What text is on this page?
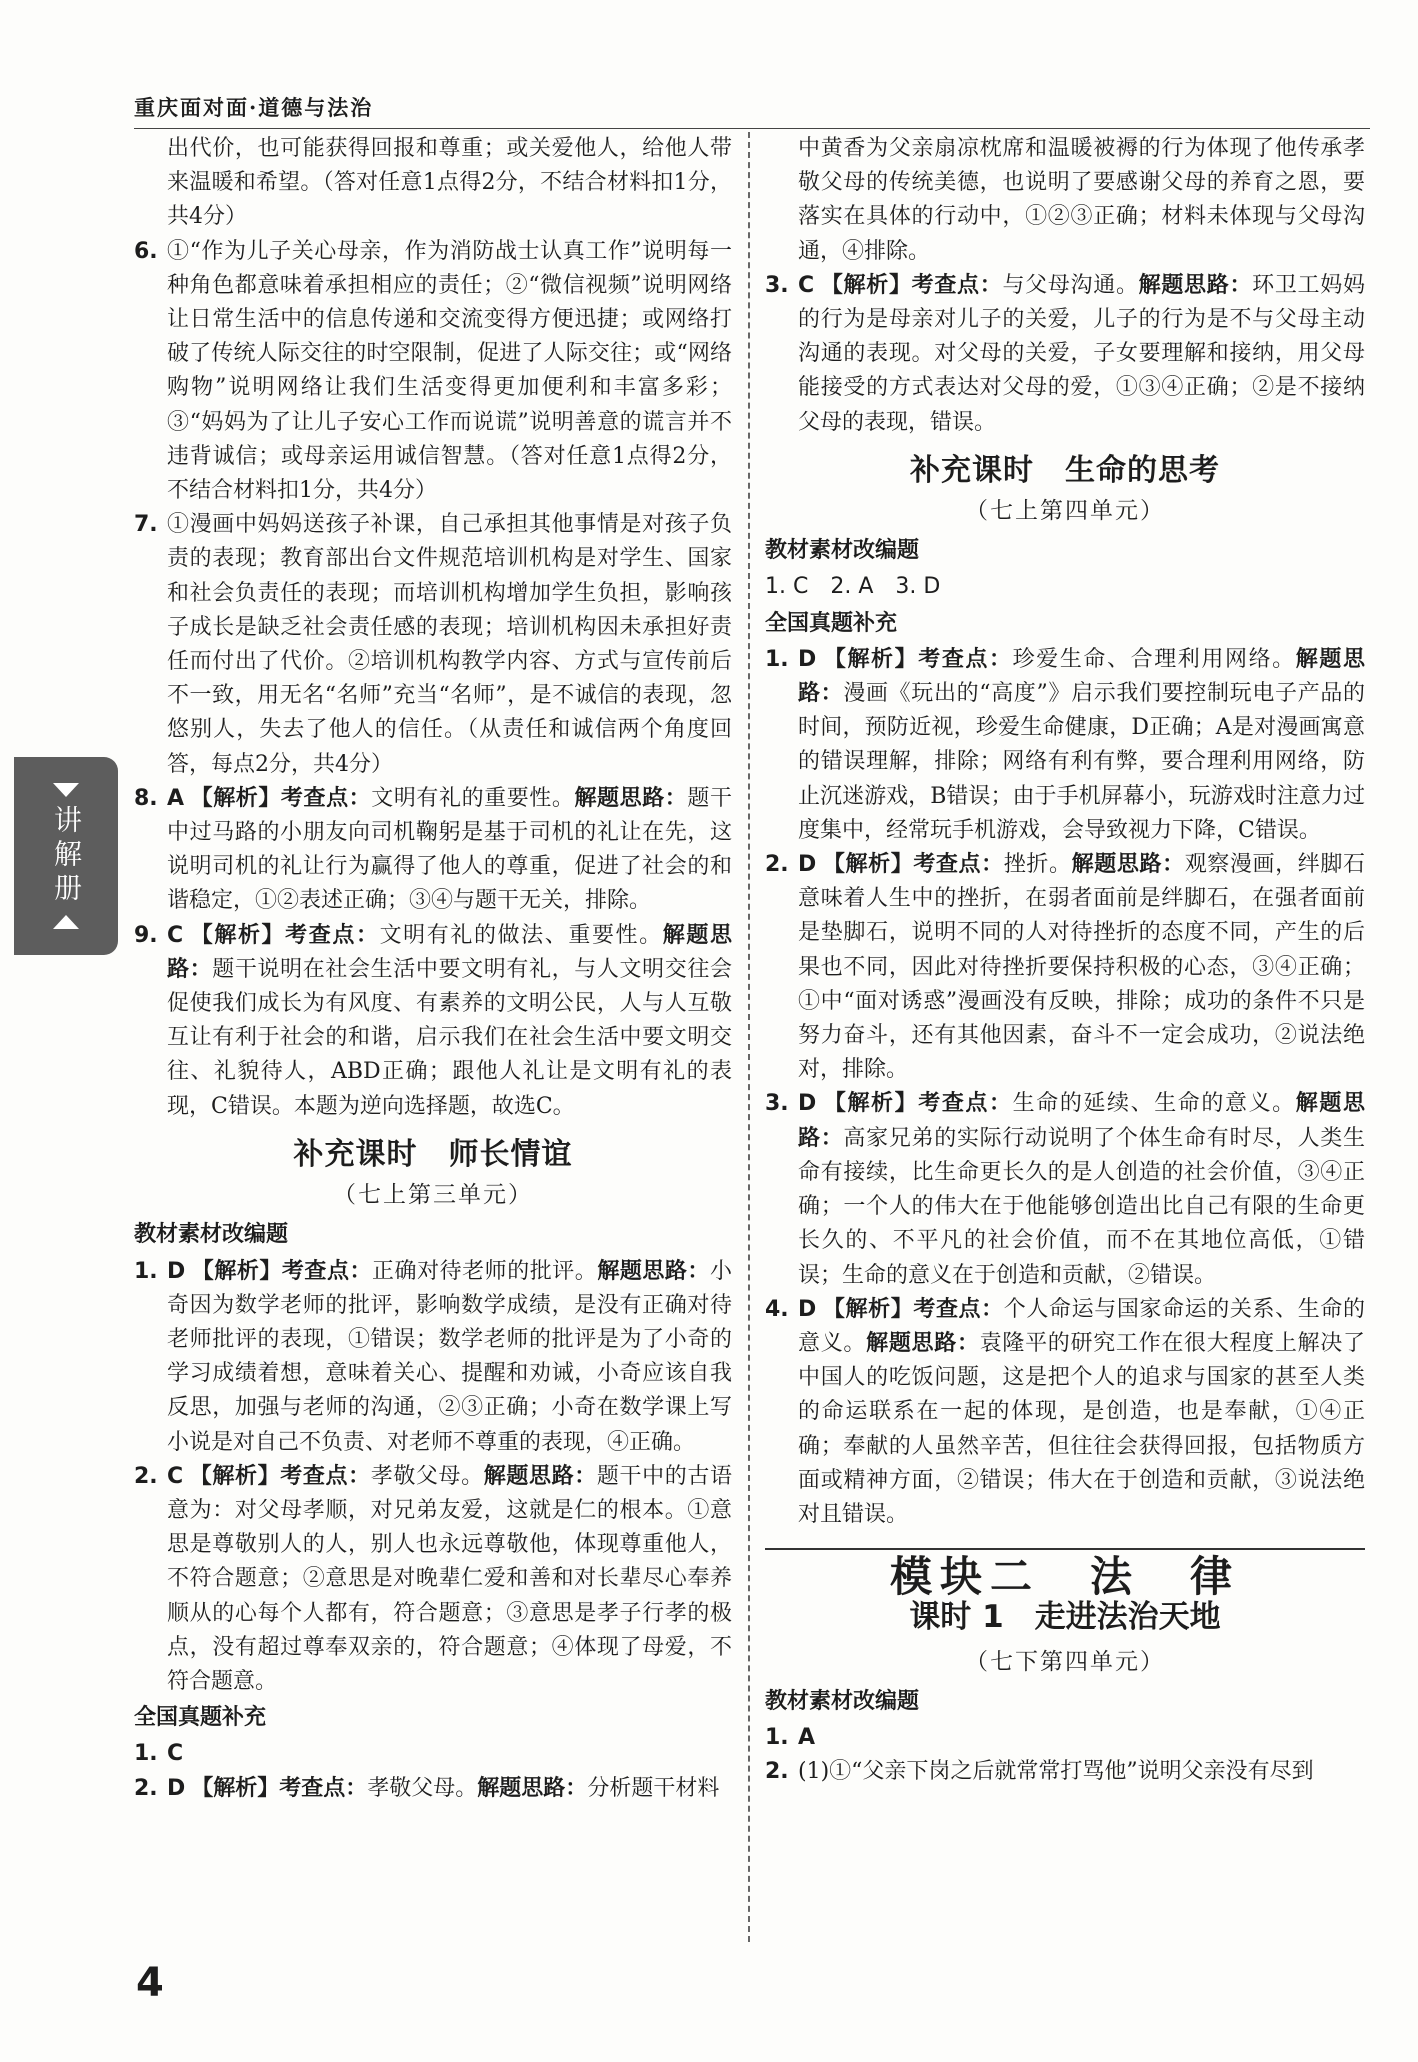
重庆面对面·道德与法治
讲解册

出代价，也可能获得回报和尊重；或关爱他人，给他人带来温暖和希望。（答对任意1点得2分，不结合材料扣1分，共4分）

6. ①“作为儿子关心母亲，作为消防战士认真工作”说明每一种角色都意味着承担相应的责任；②“微信视频”说明网络让日常生活中的信息传递和交流变得方便迅捷；或网络打破了传统人际交往的时空限制，促进了人际交往；或“网络购物”说明网络让我们生活变得更加便利和丰富多彩；③“妈妈为了让儿子安心工作而说谎”说明善意的谎言并不违背诚信；或母亲运用诚信智慧。（答对任意1点得2分，不结合材料扣1分，共4分）

7. ①漫画中妈妈送孩子补课，自己承担其他事情是对孩子负责的表现；教育部出台文件规范培训机构是对学生、国家和社会负责任的表现；而培训机构增加学生负担，影响孩子成长是缺乏社会责任感的表现；培训机构因未承担好责任而付出了代价。②培训机构教学内容、方式与宣传前后不一致，用无名“名师”充当“名师”，是不诚信的表现，忽悠别人，失去了他人的信任。（从责任和诚信两个角度回答，每点2分，共4分）

8. A 【解析】考查点：文明有礼的重要性。解题思路：题干中过马路的小朋友向司机鞠躬是基于司机的礼让在先，这说明司机的礼让行为赢得了他人的尊重，促进了社会的和谐稳定，①②表述正确；③④与题干无关，排除。

9. C 【解析】考查点：文明有礼的做法、重要性。解题思路：题干说明在社会生活中要文明有礼，与人文明交往会促使我们成长为有风度、有素养的文明公民，人与人互敬互让有利于社会的和谐，启示我们在社会生活中要文明交往、礼貌待人，ABD正确；跟他人礼让是文明有礼的表现，C错误。本题为逆向选择题，故选C。

补充课时　师长情谊
（七上第三单元）
教材素材改编题

1. D 【解析】考查点：正确对待老师的批评。解题思路：小奇因为数学老师的批评，影响数学成绩，是没有正确对待老师批评的表现，①错误；数学老师的批评是为了小奇的学习成绩着想，意味着关心、提醒和劝诫，小奇应该自我反思，加强与老师的沟通，②③正确；小奇在数学课上写小说是对自己不负责、对老师不尊重的表现，④正确。

2. C 【解析】考查点：孝敬父母。解题思路：题干中的古语意为：对父母孝顺，对兄弟友爱，这就是仁的根本。①意思是尊敬别人的人，别人也永远尊敬他，体现尊重他人，不符合题意；②意思是对晚辈仁爱和善和对长辈尽心奉养顺从的心每个人都有，符合题意；③意思是孝子行孝的极点，没有超过尊奉双亲的，符合题意；④体现了母爱，不符合题意。

全国真题补充

1. C

2. D 【解析】考查点：孝敬父母。解题思路：分析题干材料

中黄香为父亲扇凉枕席和温暖被褥的行为体现了他传承孝敬父母的传统美德，也说明了要感谢父母的养育之恩，要落实在具体的行动中，①②③正确；材料未体现与父母沟通，④排除。

3. C 【解析】考查点：与父母沟通。解题思路：环卫工妈妈的行为是母亲对儿子的关爱，儿子的行为是不与父母主动沟通的表现。对父母的关爱，子女要理解和接纳，用父母能接受的方式表达对父母的爱，①③④正确；②是不接纳父母的表现，错误。

补充课时　生命的思考
（七上第四单元）
教材素材改编题
1. C　2. A　3. D
全国真题补充

1. D 【解析】考查点：珍爱生命、合理利用网络。解题思路：漫画《玩出的“高度”》启示我们要控制玩电子产品的时间，预防近视，珍爱生命健康，D正确；A是对漫画寓意的错误理解，排除；网络有利有弊，要合理利用网络，防止沉迷游戏，B错误；由于手机屏幕小，玩游戏时注意力过度集中，经常玩手机游戏，会导致视力下降，C错误。

2. D 【解析】考查点：挫折。解题思路：观察漫画，绊脚石意味着人生中的挫折，在弱者面前是绊脚石，在强者面前是垫脚石，说明不同的人对待挫折的态度不同，产生的后果也不同，因此对待挫折要保持积极的心态，③④正确；①中“面对诱惑”漫画没有反映，排除；成功的条件不只是努力奋斗，还有其他因素，奋斗不一定会成功，②说法绝对，排除。

3. D 【解析】考查点：生命的延续、生命的意义。解题思路：高家兄弟的实际行动说明了个体生命有时尽，人类生命有接续，比生命更长久的是人创造的社会价值，③④正确；一个人的伟大在于他能够创造出比自己有限的生命更长久的、不平凡的社会价值，而不在其地位高低，①错误；生命的意义在于创造和贡献，②错误。

4. D 【解析】考查点：个人命运与国家命运的关系、生命的意义。解题思路：袁隆平的研究工作在很大程度上解决了中国人的吃饭问题，这是把个人的追求与国家的甚至人类的命运联系在一起的体现，是创造，也是奉献，①④正确；奉献的人虽然辛苦，但往往会获得回报，包括物质方面或精神方面，②错误；伟大在于创造和贡献，③说法绝对且错误。

模块二　法　律
课时 1　走进法治天地
（七下第四单元）
教材素材改编题

1. A

2. (1)①“父亲下岗之后就常常打骂他”说明父亲没有尽到

4
